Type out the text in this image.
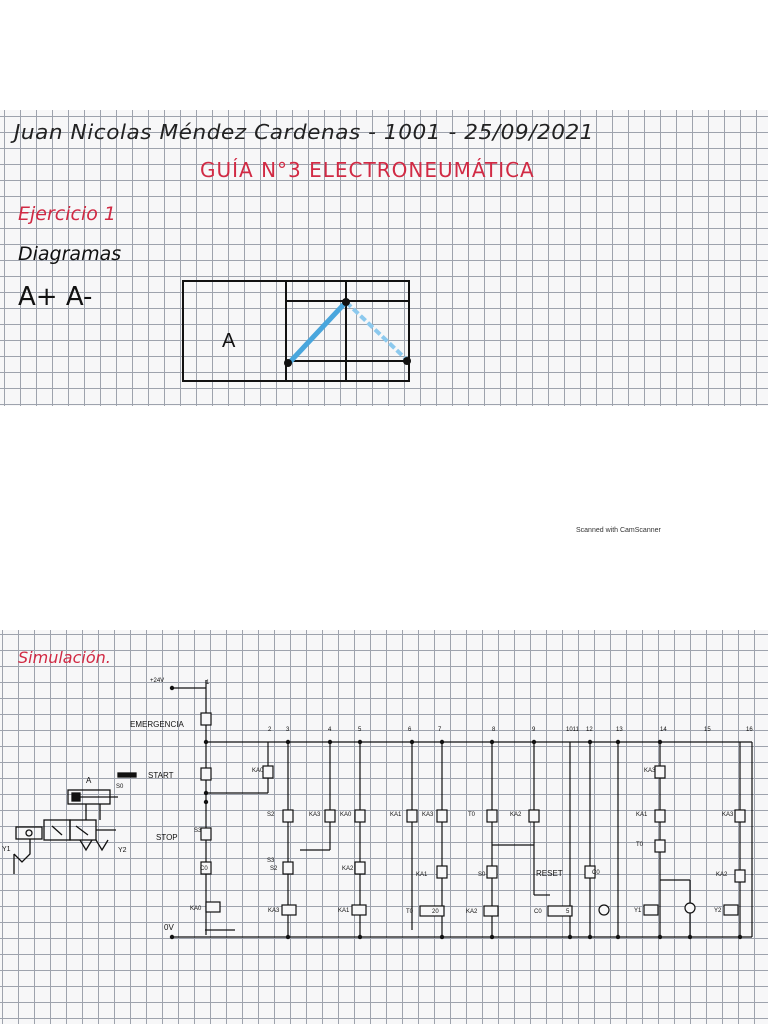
Juan Nicolas Méndez Cardenas - 1001 - 25/09/2021
GUÍA N°3 ELECTRONEUMÁTICA
Ejercicio 1
Diagramas
A+ A-
A
Scanned with CamScanner
Simulación.
+24V
0V
EMERGENCIA
START
STOP
RESET
A
S0
Y1	Y2
1
2 3	4	5	6	7	8	9	1011 12	13	14	15	16
KA0
S2
S3
S3
KA3	KA0	KA1	KA3	T0	KA2
KA3
KA1
T0
KA3
C0	S2	KA2
KA1	S0	C0	KA2
KA0	KA3	KA1	T0	20	KA2	C0	5	Y1	Y2
